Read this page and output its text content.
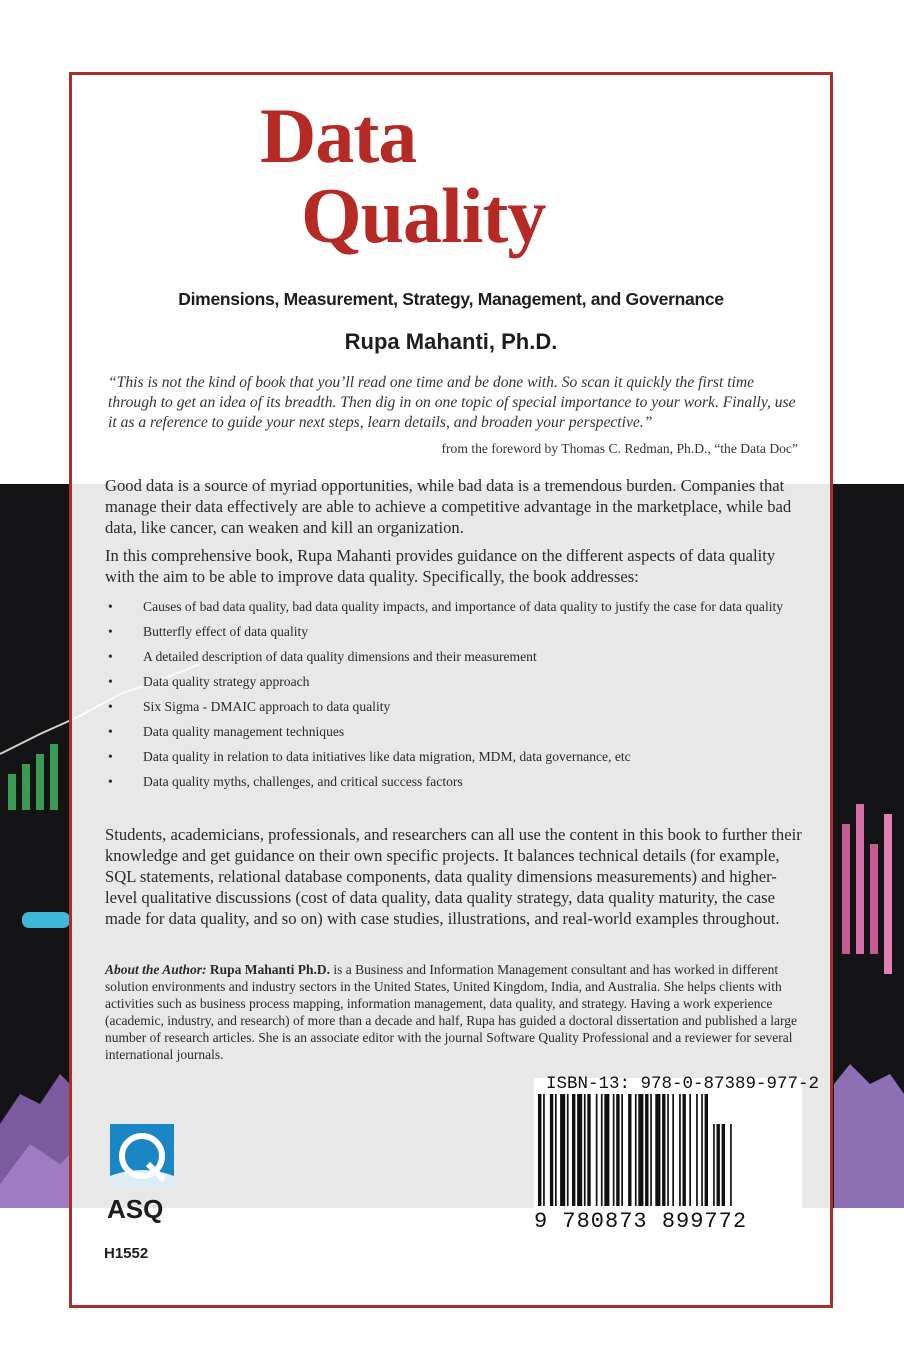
Data
Quality
Dimensions, Measurement, Strategy, Management, and Governance
Rupa Mahanti, Ph.D.
“This is not the kind of book that you’ll read one time and be done with. So scan it quickly the first time through to get an idea of its breadth. Then dig in on one topic of special importance to your work. Finally, use it as a reference to guide your next steps, learn details, and broaden your perspective.”
from the foreword by Thomas C. Redman, Ph.D., “the Data Doc”
Good data is a source of myriad opportunities, while bad data is a tremendous burden. Companies that manage their data effectively are able to achieve a competitive advantage in the marketplace, while bad data, like cancer, can weaken and kill an organization.
In this comprehensive book, Rupa Mahanti provides guidance on the different aspects of data quality with the aim to be able to improve data quality. Specifically, the book addresses:
• Causes of bad data quality, bad data quality impacts, and importance of data quality to justify the case for data quality
• Butterfly effect of data quality
• A detailed description of data quality dimensions and their measurement
• Data quality strategy approach
• Six Sigma - DMAIC approach to data quality
• Data quality management techniques
• Data quality in relation to data initiatives like data migration, MDM, data governance, etc
• Data quality myths, challenges, and critical success factors
Students, academicians, professionals, and researchers can all use the content in this book to further their knowledge and get guidance on their own specific projects. It balances technical details (for example, SQL statements, relational database components, data quality dimensions measurements) and higher-level qualitative discussions (cost of data quality, data quality strategy, data quality maturity, the case made for data quality, and so on) with case studies, illustrations, and real-world examples throughout.
About the Author: Rupa Mahanti Ph.D. is a Business and Information Management consultant and has worked in different solution environments and industry sectors in the United States, United Kingdom, India, and Australia. She helps clients with activities such as business process mapping, information management, data quality, and strategy. Having a work experience (academic, industry, and research) of more than a decade and half, Rupa has guided a doctoral dissertation and published a large number of research articles. She is an associate editor with the journal Software Quality Professional and a reviewer for several international journals.
ISBN-13: 978-0-87389-977-2
9 780873 899772
ASQ
H1552
